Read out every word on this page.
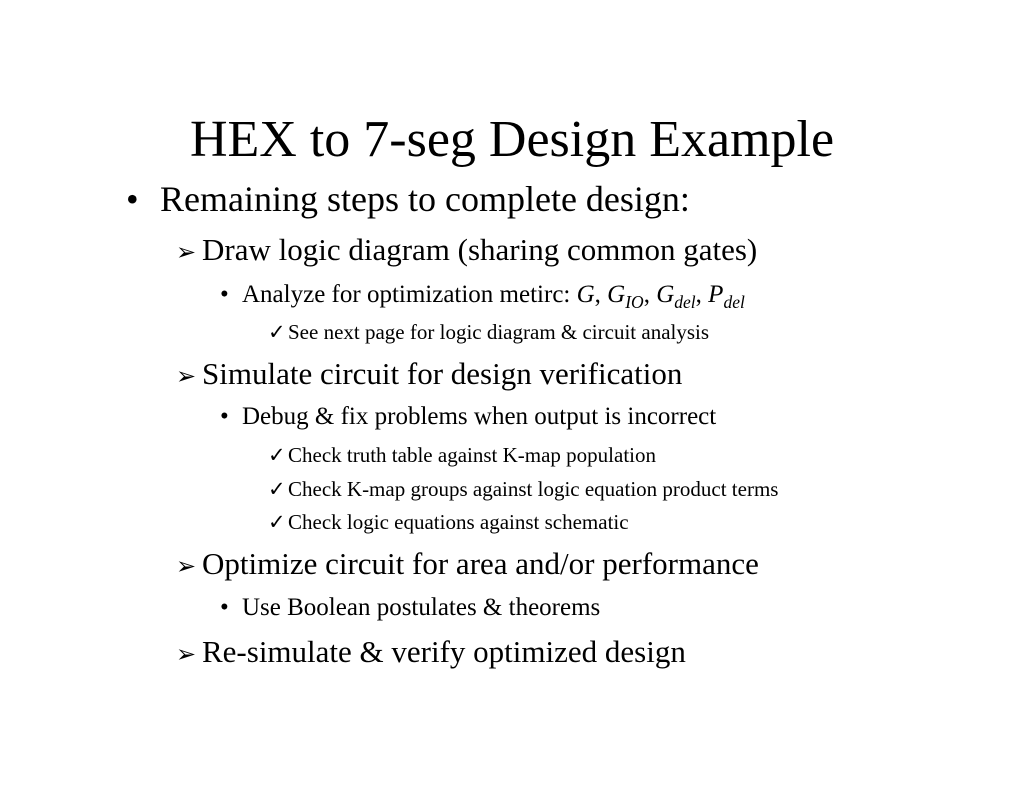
HEX to 7-seg Design Example
• Remaining steps to complete design:
➢ Draw logic diagram (sharing common gates)
• Analyze for optimization metirc: G, $G_{IO}$, $G_{del}$, $P_{del}$
✓ See next page for logic diagram & circuit analysis
➢ Simulate circuit for design verification
• Debug & fix problems when output is incorrect
✓ Check truth table against K-map population
✓ Check K-map groups against logic equation product terms
✓ Check logic equations against schematic
➢ Optimize circuit for area and/or performance
• Use Boolean postulates & theorems
➢ Re-simulate & verify optimized design
